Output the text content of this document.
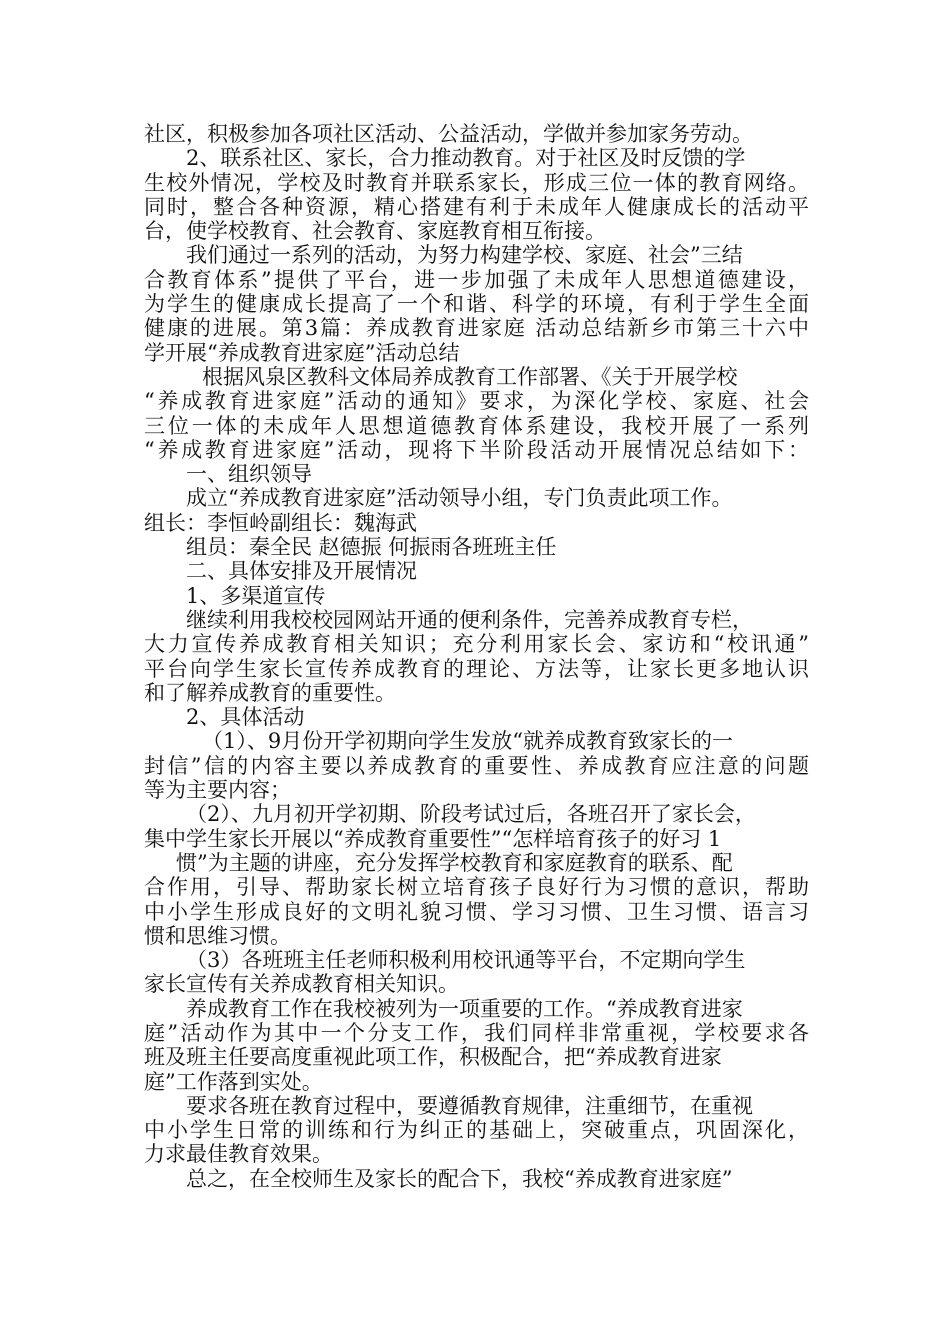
社区，积极参加各项社区活动、公益活动，学做并参加家务劳动。
2、联系社区、家长，合力推动教育。对于社区及时反馈的学
生校外情况，学校及时教育并联系家长，形成三位一体的教育网络。
同时，整合各种资源，精心搭建有利于未成年人健康成长的活动平
台，使学校教育、社会教育、家庭教育相互衔接。
我们通过一系列的活动，为努力构建学校、家庭、社会”三结
合教育体系”提供了平台，进一步加强了未成年人思想道德建设，
为学生的健康成长提高了一个和谐、科学的环境，有利于学生全面
健康的进展。第3篇：养成教育进家庭 活动总结新乡市第三十六中
学开展“养成教育进家庭”活动总结
根据风泉区教科文体局养成教育工作部署、《关于开展学校
“养成教育进家庭”活动的通知》要求，为深化学校、家庭、社会
三位一体的未成年人思想道德教育体系建设，我校开展了一系列
“养成教育进家庭”活动，现将下半阶段活动开展情况总结如下：
一、组织领导
成立“养成教育进家庭”活动领导小组，专门负责此项工作。
组长：李恒岭副组长：魏海武
组员：秦全民 赵德振 何振雨各班班主任
二、具体安排及开展情况
1、多渠道宣传
继续利用我校校园网站开通的便利条件，完善养成教育专栏，
大力宣传养成教育相关知识；充分利用家长会、家访和“校讯通”
平台向学生家长宣传养成教育的理论、方法等，让家长更多地认识
和了解养成教育的重要性。
2、具体活动
（1）、9月份开学初期向学生发放“就养成教育致家长的一
封信”信的内容主要以养成教育的重要性、养成教育应注意的问题
等为主要内容；
（2）、九月初开学初期、阶段考试过后，各班召开了家长会，
集中学生家长开展以“养成教育重要性”“怎样培育孩子的好习 1
惯”为主题的讲座，充分发挥学校教育和家庭教育的联系、配
合作用，引导、帮助家长树立培育孩子良好行为习惯的意识，帮助
中小学生形成良好的文明礼貌习惯、学习习惯、卫生习惯、语言习
惯和思维习惯。
（3）各班班主任老师积极利用校讯通等平台，不定期向学生
家长宣传有关养成教育相关知识。
养成教育工作在我校被列为一项重要的工作。“养成教育进家
庭”活动作为其中一个分支工作，我们同样非常重视，学校要求各
班及班主任要高度重视此项工作，积极配合，把“养成教育进家
庭”工作落到实处。
要求各班在教育过程中，要遵循教育规律，注重细节，在重视
中小学生日常的训练和行为纠正的基础上，突破重点，巩固深化，
力求最佳教育效果。
总之，在全校师生及家长的配合下，我校“养成教育进家庭”
